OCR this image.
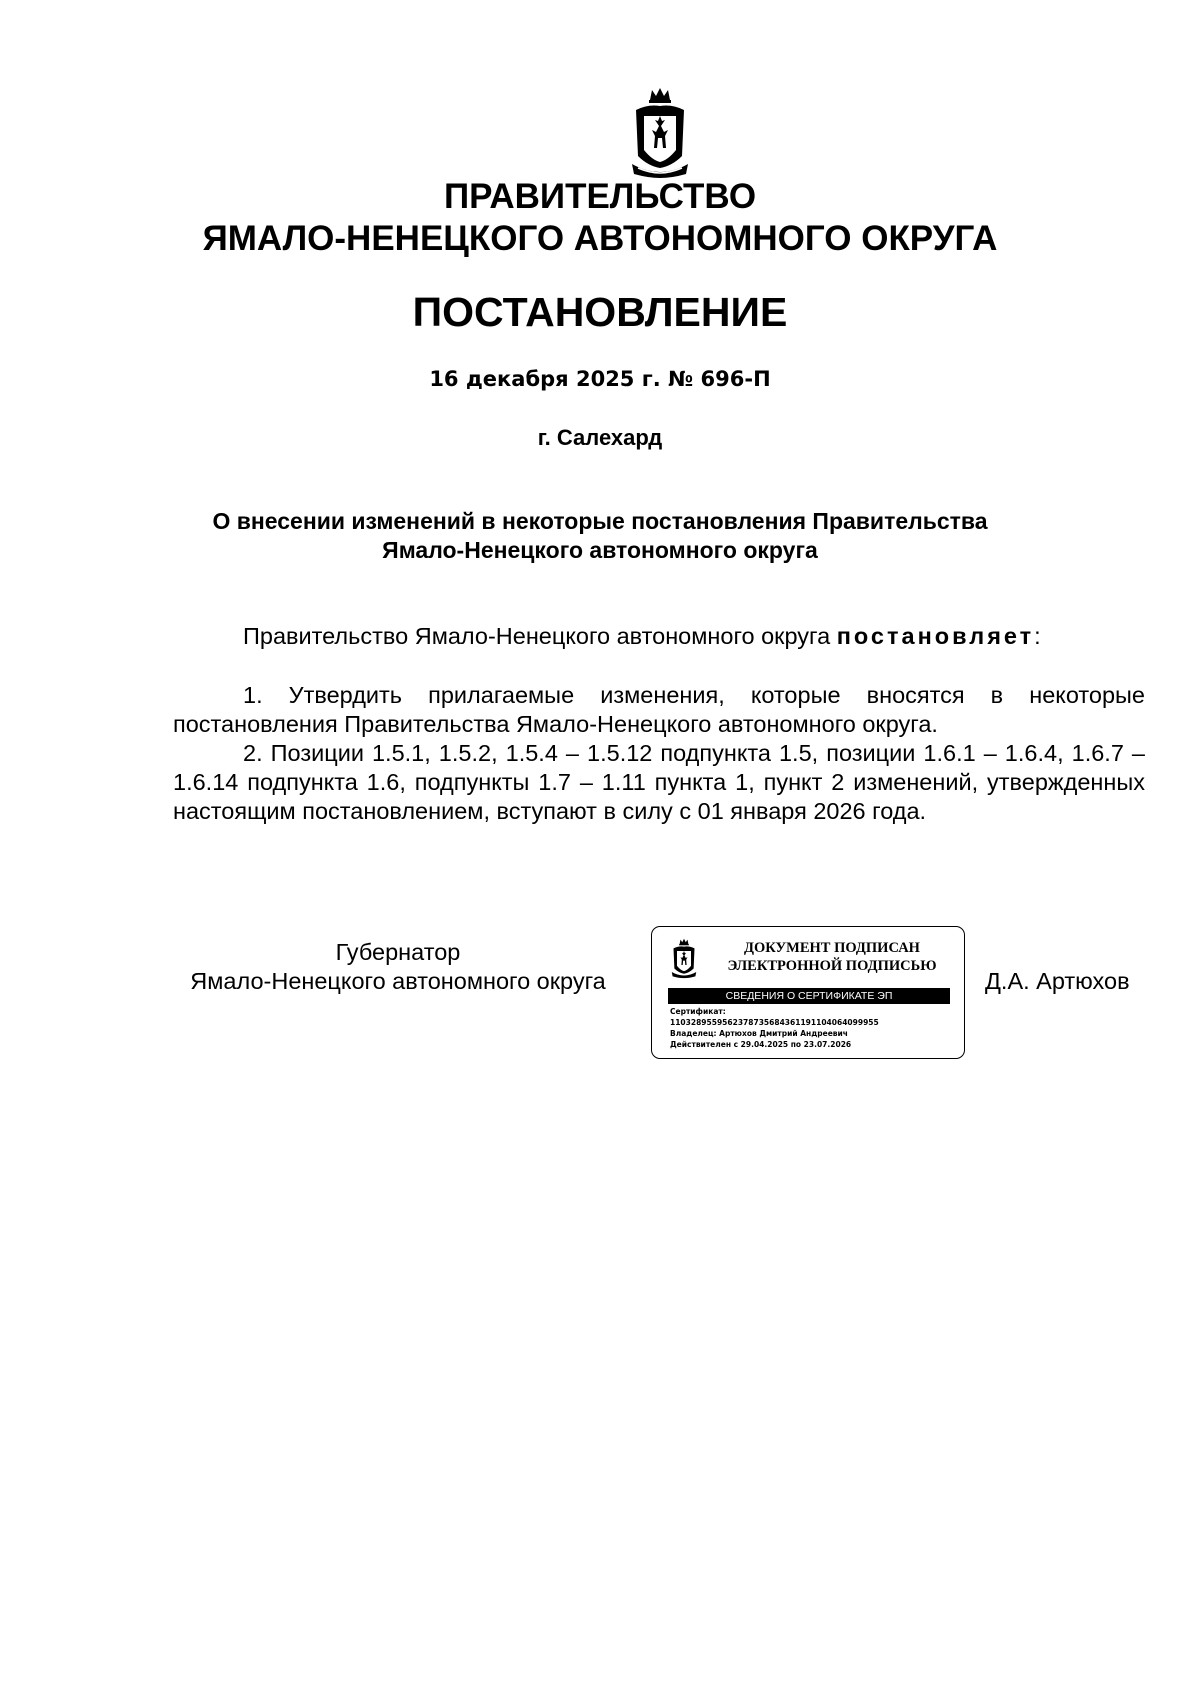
ПРАВИТЕЛЬСТВО
ЯМАЛО-НЕНЕЦКОГО АВТОНОМНОГО ОКРУГА
ПОСТАНОВЛЕНИЕ
16 декабря 2025 г. № 696-П
г. Салехард
О внесении изменений в некоторые постановления Правительства
Ямало-Ненецкого автономного округа
Правительство Ямало-Ненецкого автономного округа постановляет:
1. Утвердить прилагаемые изменения, которые вносятся в некоторые постановления Правительства Ямало-Ненецкого автономного округа.
2. Позиции 1.5.1, 1.5.2, 1.5.4 – 1.5.12 подпункта 1.5, позиции 1.6.1 – 1.6.4, 1.6.7 – 1.6.14 подпункта 1.6, подпункты 1.7 – 1.11 пункта 1, пункт 2 изменений, утвержденных настоящим постановлением, вступают в силу с 01 января 2026 года.
Губернатор
Ямало-Ненецкого автономного округа
ДОКУМЕНТ ПОДПИСАН
ЭЛЕКТРОННОЙ ПОДПИСЬЮ
СВЕДЕНИЯ О СЕРТИФИКАТЕ ЭП
Сертификат:
1103289559562378735684361191104064099955
Владелец: Артюхов Дмитрий Андреевич
Действителен с 29.04.2025 по 23.07.2026
Д.А. Артюхов
